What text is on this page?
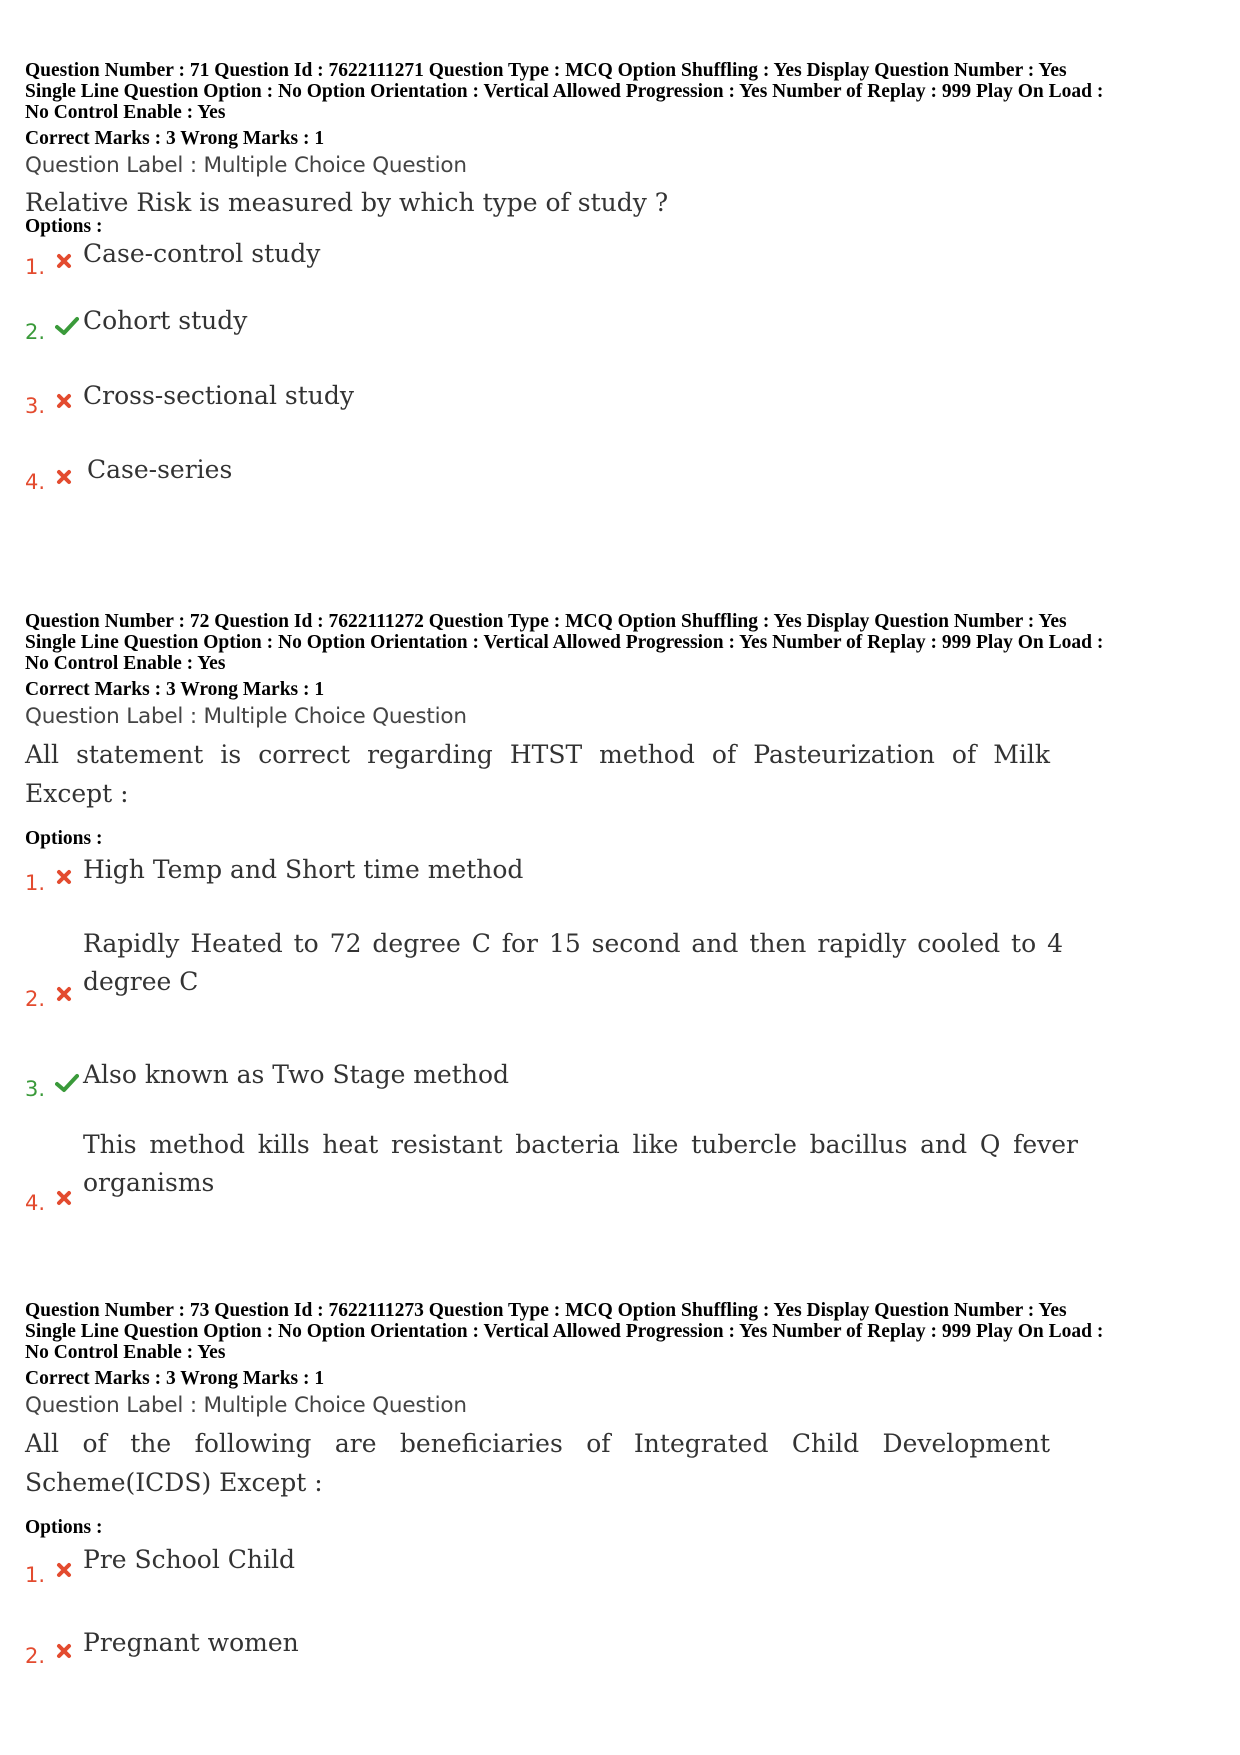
Question Number : 71 Question Id : 7622111271 Question Type : MCQ Option Shuffling : Yes Display Question Number : Yes
Single Line Question Option : No Option Orientation : Vertical Allowed Progression : Yes Number of Replay : 999 Play On Load :
No Control Enable : Yes
Correct Marks : 3 Wrong Marks : 1
Question Label : Multiple Choice Question
Relative Risk is measured by which type of study ?
Options :
1. Case-control study
2. Cohort study
3. Cross-sectional study
4. Case-series
Question Number : 72 Question Id : 7622111272 Question Type : MCQ Option Shuffling : Yes Display Question Number : Yes
Single Line Question Option : No Option Orientation : Vertical Allowed Progression : Yes Number of Replay : 999 Play On Load :
No Control Enable : Yes
Correct Marks : 3 Wrong Marks : 1
Question Label : Multiple Choice Question
All statement is correct regarding HTST method of Pasteurization of Milk Except :
Options :
1. High Temp and Short time method
2.
Rapidly Heated to 72 degree C for 15 second and then rapidly cooled to 4 degree C
3. Also known as Two Stage method
4.
This method kills heat resistant bacteria like tubercle bacillus and Q fever organisms
Question Number : 73 Question Id : 7622111273 Question Type : MCQ Option Shuffling : Yes Display Question Number : Yes
Single Line Question Option : No Option Orientation : Vertical Allowed Progression : Yes Number of Replay : 999 Play On Load :
No Control Enable : Yes
Correct Marks : 3 Wrong Marks : 1
Question Label : Multiple Choice Question
All of the following are beneficiaries of Integrated Child Development Scheme(ICDS) Except :
Options :
1.
Pre School Child
2. Pregnant women
